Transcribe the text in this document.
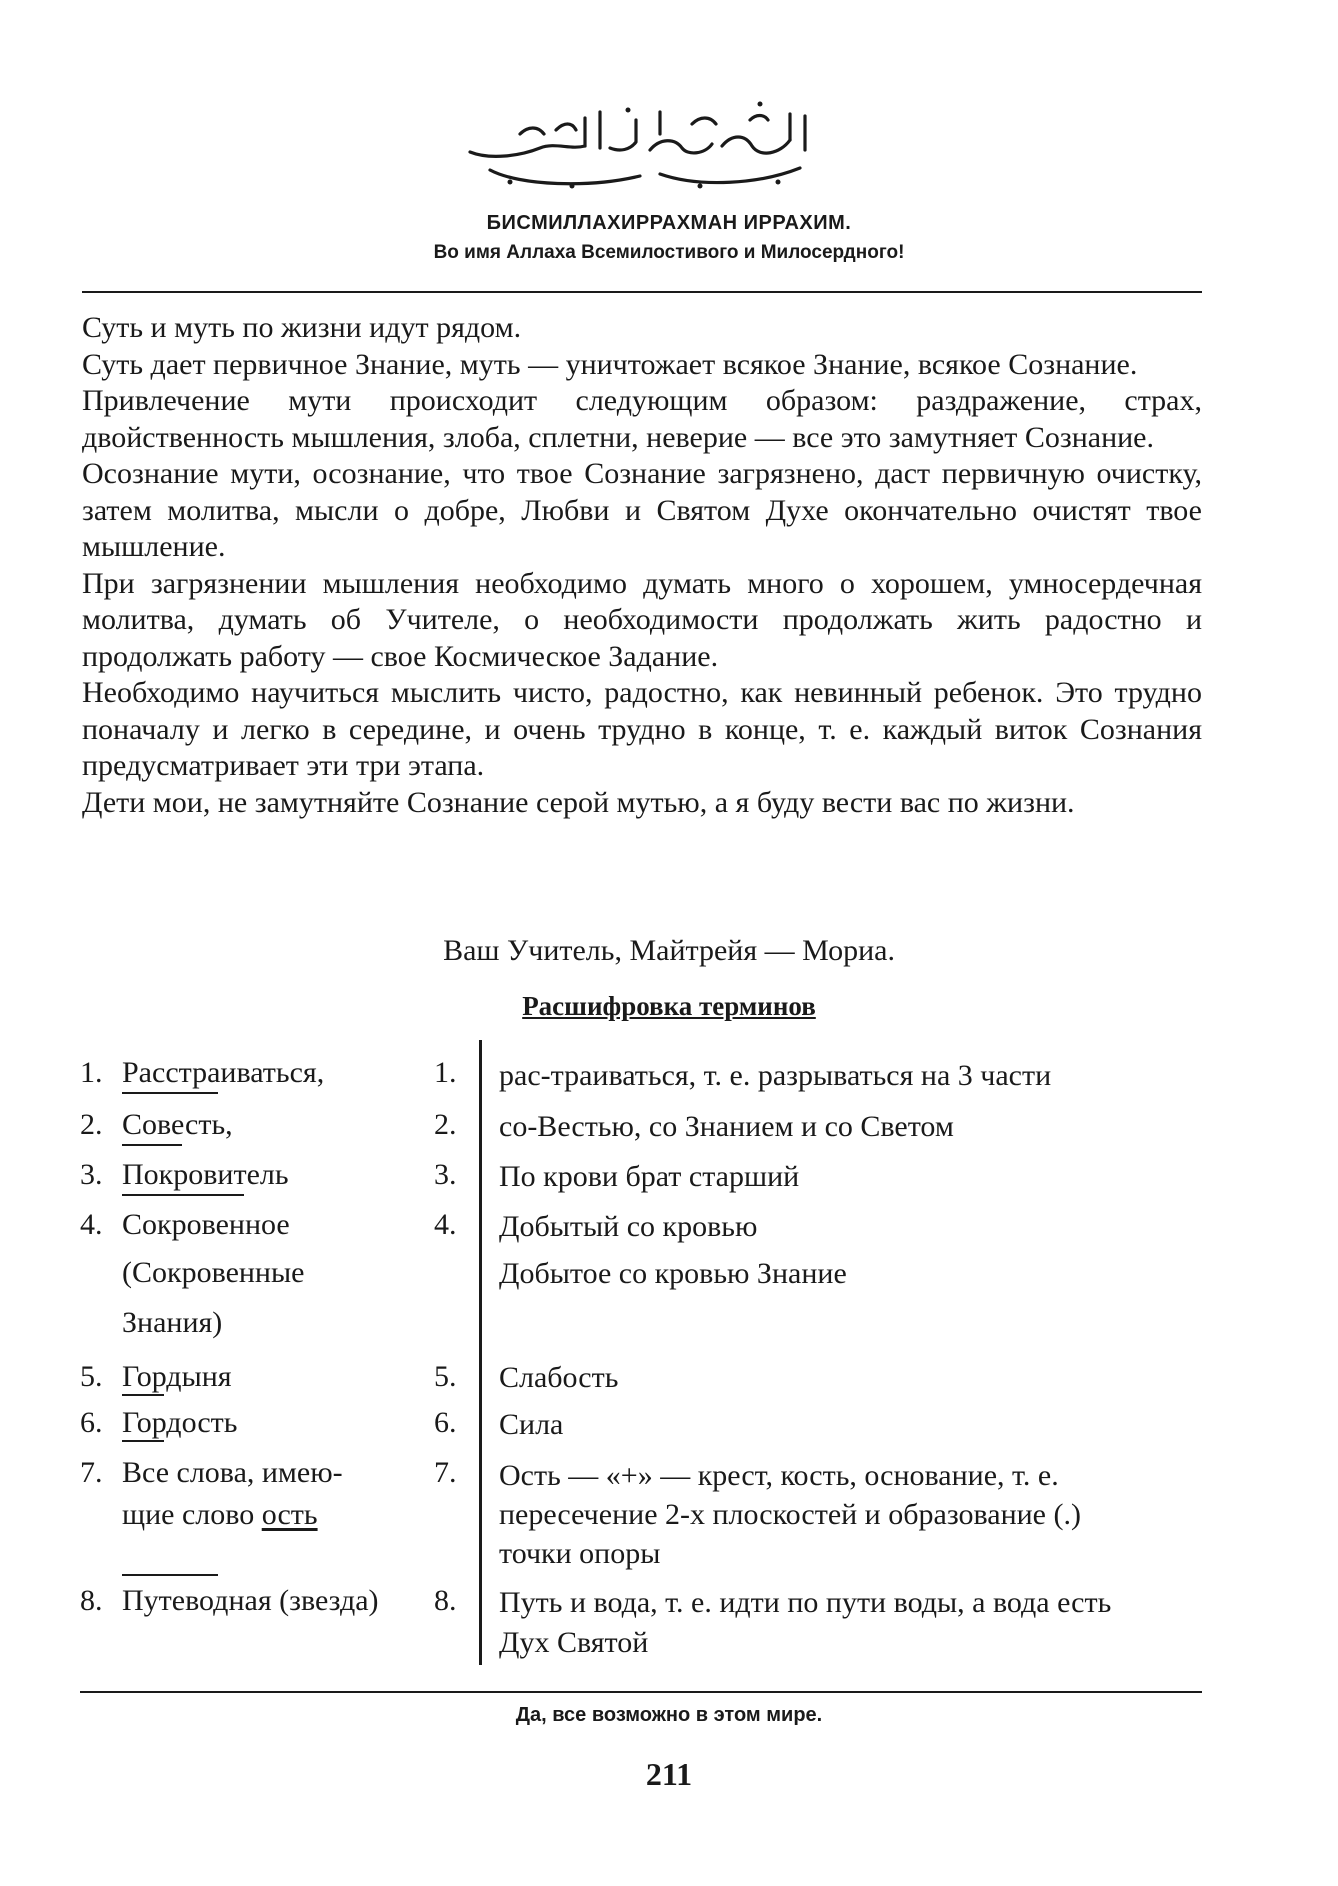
БИСМИЛЛАХИРРАХМАН ИРРАХИМ.
Во имя Аллаха Всемилостивого и Милосердного!

Суть и муть по жизни идут рядом.

Суть дает первичное Знание, муть — уничтожает всякое Знание, всякое Сознание.

Привлечение мути происходит следующим образом: раздражение, страх, двойственность мышления, злоба, сплетни, неверие — все это замутняет Сознание.

Осознание мути, осознание, что твое Сознание загрязнено, даст первичную очистку, затем молитва, мысли о добре, Любви и Святом Духе окончательно очистят твое мышление.

При загрязнении мышления необходимо думать много о хорошем, умносердечная молитва, думать об Учителе, о необходимости продолжать жить радостно и продолжать работу — свое Космическое Задание.

Необходимо научиться мыслить чисто, радостно, как невинный ребенок. Это трудно поначалу и легко в середине, и очень трудно в конце, т. е. каждый виток Сознания предусматривает эти три этапа.

Дети мои, не замутняйте Сознание серой мутью, а я буду вести вас по жизни.

Ваш Учитель, Майтрейя — Мориа.
Расшифровка терминов
1. Расстраиваться,	1. рас-траиваться, т. е. разрываться на 3 части
2. Совесть,	2. со-Вестью, со Знанием и со Светом
3. Покровитель	3. По крови брат старший
4. Сокровенное
(Сокровенные
Знания)
4. Добытый со кровью
Добытое со кровью Знание
5. Гордыня	5. Слабость
6. Гордость	6. Сила
7. Все слова, имею-
щие слово ость
7. Ость — «+» — крест, кость, основание, т. е.
пересечение 2-х плоскостей и образование (.)
точки опоры
8. Путеводная (звезда) 8. Путь и вода, т. е. идти по пути воды, а вода есть
Дух Святой
Да, все возможно в этом мире.
211
